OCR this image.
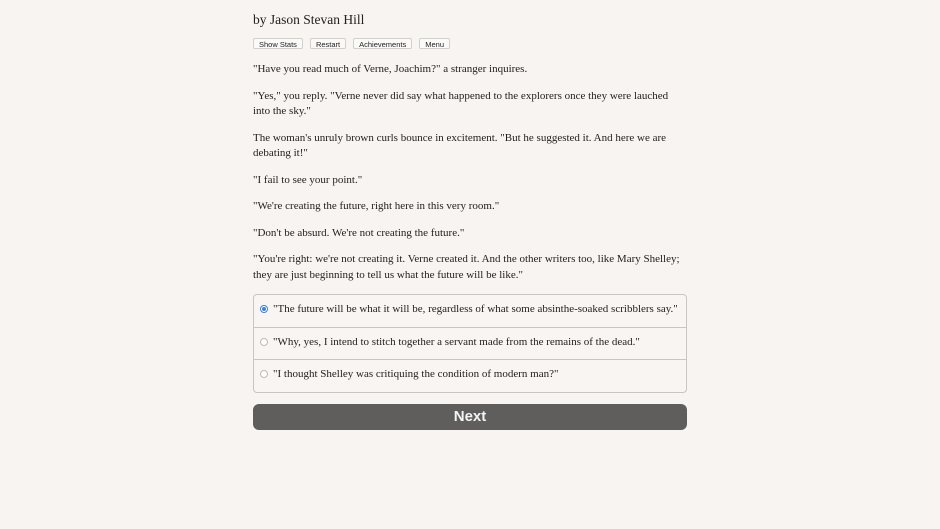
by Jason Stevan Hill

Show Stats	Restart	Achievements	Menu

"Have you read much of Verne, Joachim?" a stranger inquires.

"Yes," you reply. "Verne never did say what happened to the explorers once they were lauched into the sky."

The woman's unruly brown curls bounce in excitement. "But he suggested it. And here we are debating it!"

"I fail to see your point."

"We're creating the future, right here in this very room."

"Don't be absurd. We're not creating the future."

"You're right: we're not creating it. Verne created it. And the other writers too, like Mary Shelley; they are just beginning to tell us what the future will be like."

"The future will be what it will be, regardless of what some absinthe-soaked scribblers say."
"Why, yes, I intend to stitch together a servant made from the remains of the dead."
"I thought Shelley was critiquing the condition of modern man?"
Next
